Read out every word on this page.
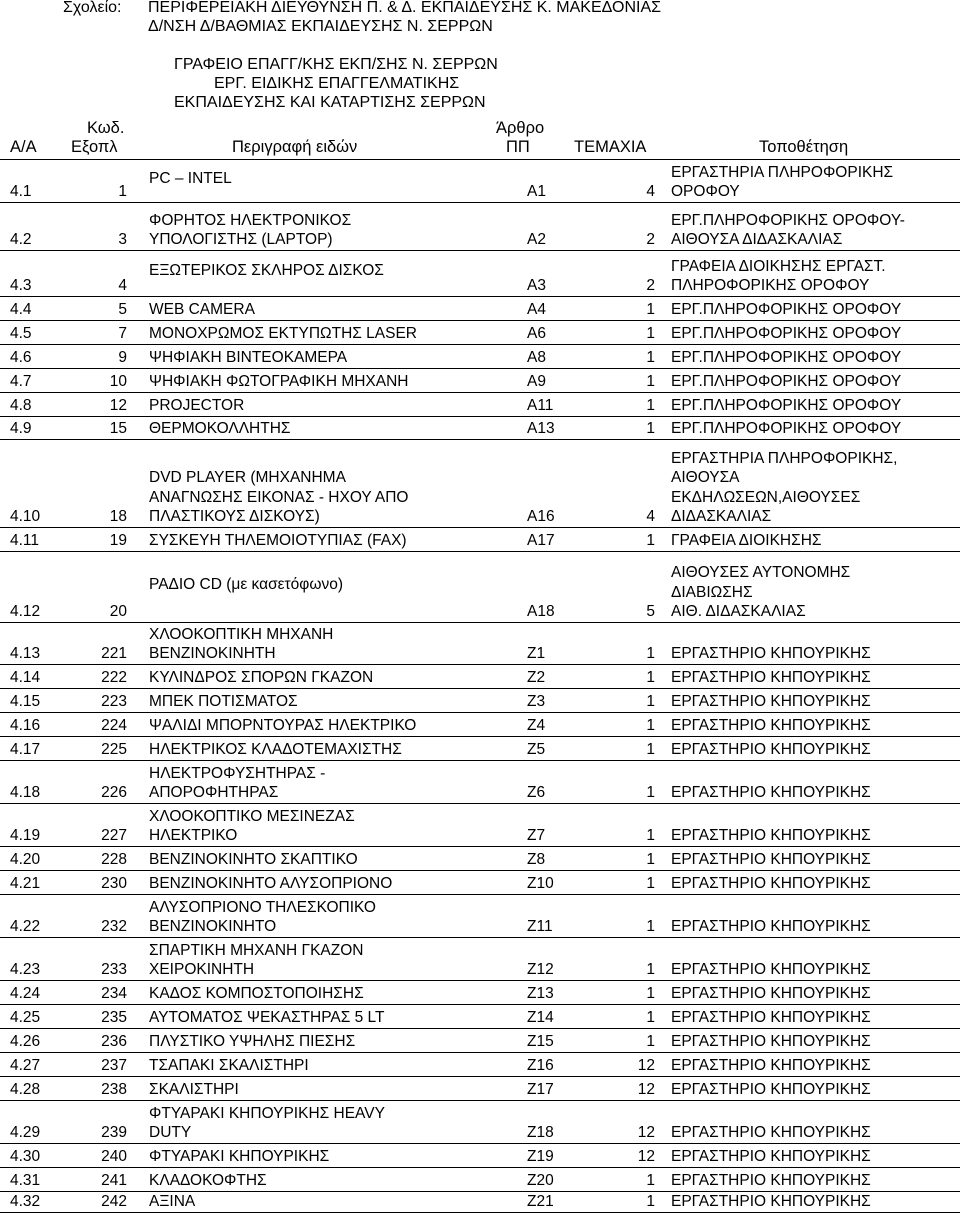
Σχολείο: ΠΕΡΙΦΕΡΕΙΑΚΗ ΔΙΕΥΘΥΝΣΗ Π. & Δ. ΕΚΠΑΙΔΕΥΣΗΣ Κ. ΜΑΚΕΔΟΝΙΑΣ
Δ/ΝΣΗ Δ/ΒΑΘΜΙΑΣ ΕΚΠΑΙΔΕΥΣΗΣ Ν. ΣΕΡΡΩΝ
ΓΡΑΦΕΙΟ ΕΠΑΓΓ/ΚΗΣ ΕΚΠ/ΣΗΣ Ν. ΣΕΡΡΩΝ
ΕΡΓ. ΕΙΔΙΚΗΣ ΕΠΑΓΓΕΛΜΑΤΙΚΗΣ
ΕΚΠΑΙΔΕΥΣΗΣ ΚΑΙ ΚΑΤΑΡΤΙΣΗΣ ΣΕΡΡΩΝ
Α/Α
Κωδ.
Εξοπλ	Περιγραφή ειδών
Άρθρο
ΠΠ	ΤΕΜΑΧΙΑ	Τοποθέτηση
4.1	1
PC – INTEL
Α1	4
ΕΡΓΑΣΤΗΡΙΑ ΠΛΗΡΟΦΟΡΙΚΗΣ
ΟΡΟΦΟΥ
4.2	3
ΦΟΡΗΤΟΣ ΗΛΕΚΤΡΟΝΙΚΟΣ
ΥΠΟΛΟΓΙΣΤΗΣ (LAPTOP)	Α2	2
ΕΡΓ.ΠΛΗΡΟΦΟΡΙΚΗΣ ΟΡΟΦΟΥ-
ΑΙΘΟΥΣΑ ΔΙΔΑΣΚΑΛΙΑΣ
4.3	4
ΕΞΩΤΕΡΙΚΟΣ ΣΚΛΗΡΟΣ ΔΙΣΚΟΣ
Α3	2
ΓΡΑΦΕΙΑ ΔΙΟΙΚΗΣΗΣ ΕΡΓΑΣΤ.
ΠΛΗΡΟΦΟΡΙΚΗΣ ΟΡΟΦΟΥ
4.4	5 WEB CAMERA	Α4	1 ΕΡΓ.ΠΛΗΡΟΦΟΡΙΚΗΣ ΟΡΟΦΟΥ
4.5	7 ΜΟΝΟΧΡΩΜΟΣ ΕΚΤΥΠΩΤΗΣ LASER	Α6	1 ΕΡΓ.ΠΛΗΡΟΦΟΡΙΚΗΣ ΟΡΟΦΟΥ
4.6	9 ΨΗΦΙΑΚΗ ΒΙΝΤΕΟΚΑΜΕΡΑ	Α8	1 ΕΡΓ.ΠΛΗΡΟΦΟΡΙΚΗΣ ΟΡΟΦΟΥ
4.7	10 ΨΗΦΙΑΚΗ ΦΩΤΟΓΡΑΦΙΚΗ ΜΗΧΑΝΗ	Α9	1 ΕΡΓ.ΠΛΗΡΟΦΟΡΙΚΗΣ ΟΡΟΦΟΥ
4.8	12 PROJECTOR	Α11	1 ΕΡΓ.ΠΛΗΡΟΦΟΡΙΚΗΣ ΟΡΟΦΟΥ
4.9	15 ΘΕΡΜΟΚΟΛΛΗΤΗΣ	Α13	1 ΕΡΓ.ΠΛΗΡΟΦΟΡΙΚΗΣ ΟΡΟΦΟΥ
4.10	18
DVD PLAYER (ΜΗΧΑΝΗΜΑ
ΑΝΑΓΝΩΣΗΣ ΕΙΚΟΝΑΣ - ΗΧΟΥ ΑΠΟ
ΠΛΑΣΤΙΚΟΥΣ ΔΙΣΚΟΥΣ)	Α16	4
ΕΡΓΑΣΤΗΡΙΑ ΠΛΗΡΟΦΟΡΙΚΗΣ,
ΑΙΘΟΥΣΑ
ΕΚΔΗΛΩΣΕΩΝ,ΑΙΘΟΥΣΕΣ
ΔΙΔΑΣΚΑΛΙΑΣ
4.11	19 ΣΥΣΚΕΥΗ ΤΗΛΕΜΟΙΟΤΥΠΙΑΣ (FAX)	Α17	1 ΓΡΑΦΕΙΑ ΔΙΟΙΚΗΣΗΣ
4.12	20
ΡΑΔΙΟ CD (με κασετόφωνο)
Α18	5
ΑΙΘΟΥΣΕΣ ΑΥΤΟΝΟΜΗΣ
ΔΙΑΒΙΩΣΗΣ
ΑΙΘ. ΔΙΔΑΣΚΑΛΙΑΣ
4.13	221
ΧΛΟΟΚΟΠΤΙΚΗ ΜΗΧΑΝΗ
ΒΕΝΖΙΝΟΚΙΝΗΤΗ	Ζ1	1 ΕΡΓΑΣΤΗΡΙΟ ΚΗΠΟΥΡΙΚΗΣ
4.14	222 ΚΥΛΙΝΔΡΟΣ ΣΠΟΡΩΝ ΓΚΑΖΟΝ	Ζ2	1 ΕΡΓΑΣΤΗΡΙΟ ΚΗΠΟΥΡΙΚΗΣ
4.15	223 ΜΠΕΚ ΠΟΤΙΣΜΑΤΟΣ	Ζ3	1 ΕΡΓΑΣΤΗΡΙΟ ΚΗΠΟΥΡΙΚΗΣ
4.16	224 ΨΑΛΙΔΙ ΜΠΟΡΝΤΟΥΡΑΣ ΗΛΕΚΤΡΙΚΟ	Ζ4	1 ΕΡΓΑΣΤΗΡΙΟ ΚΗΠΟΥΡΙΚΗΣ
4.17	225 ΗΛΕΚΤΡΙΚΟΣ ΚΛΑΔΟΤΕΜΑΧΙΣΤΗΣ	Ζ5	1 ΕΡΓΑΣΤΗΡΙΟ ΚΗΠΟΥΡΙΚΗΣ
4.18	226
ΗΛΕΚΤΡΟΦΥΣΗΤΗΡΑΣ -
ΑΠΟΡΟΦΗΤΗΡΑΣ	Ζ6	1 ΕΡΓΑΣΤΗΡΙΟ ΚΗΠΟΥΡΙΚΗΣ
4.19	227
ΧΛΟΟΚΟΠΤΙΚΟ ΜΕΣΙΝΕΖΑΣ
ΗΛΕΚΤΡΙΚΟ	Ζ7	1 ΕΡΓΑΣΤΗΡΙΟ ΚΗΠΟΥΡΙΚΗΣ
4.20	228 ΒΕΝΖΙΝΟΚΙΝΗΤΟ ΣΚΑΠΤΙΚΟ	Ζ8	1 ΕΡΓΑΣΤΗΡΙΟ ΚΗΠΟΥΡΙΚΗΣ
4.21	230 ΒΕΝΖΙΝΟΚΙΝΗΤΟ ΑΛΥΣΟΠΡΙΟΝΟ	Ζ10	1 ΕΡΓΑΣΤΗΡΙΟ ΚΗΠΟΥΡΙΚΗΣ
4.22	232
ΑΛΥΣΟΠΡΙΟΝΟ ΤΗΛΕΣΚΟΠΙΚΟ
ΒΕΝΖΙΝΟΚΙΝΗΤΟ	Ζ11	1 ΕΡΓΑΣΤΗΡΙΟ ΚΗΠΟΥΡΙΚΗΣ
4.23	233
ΣΠΑΡΤΙΚΗ ΜΗΧΑΝΗ ΓΚΑΖΟΝ
ΧΕΙΡΟΚΙΝΗΤΗ	Ζ12	1 ΕΡΓΑΣΤΗΡΙΟ ΚΗΠΟΥΡΙΚΗΣ
4.24	234 ΚΑΔΟΣ ΚΟΜΠΟΣΤΟΠΟΙΗΣΗΣ	Ζ13	1 ΕΡΓΑΣΤΗΡΙΟ ΚΗΠΟΥΡΙΚΗΣ
4.25	235 ΑΥΤΟΜΑΤΟΣ ΨΕΚΑΣΤΗΡΑΣ 5 LT	Ζ14	1 ΕΡΓΑΣΤΗΡΙΟ ΚΗΠΟΥΡΙΚΗΣ
4.26	236 ΠΛΥΣΤΙΚΟ ΥΨΗΛΗΣ ΠΙΕΣΗΣ	Ζ15	1 ΕΡΓΑΣΤΗΡΙΟ ΚΗΠΟΥΡΙΚΗΣ
4.27	237 ΤΣΑΠΑΚΙ ΣΚΑΛΙΣΤΗΡΙ	Ζ16	12 ΕΡΓΑΣΤΗΡΙΟ ΚΗΠΟΥΡΙΚΗΣ
4.28	238 ΣΚΑΛΙΣΤΗΡΙ	Ζ17	12 ΕΡΓΑΣΤΗΡΙΟ ΚΗΠΟΥΡΙΚΗΣ
4.29	239
ΦΤΥΑΡΑΚΙ ΚΗΠΟΥΡΙΚΗΣ HEAVY
DUTY	Ζ18	12 ΕΡΓΑΣΤΗΡΙΟ ΚΗΠΟΥΡΙΚΗΣ
4.30	240 ΦΤΥΑΡΑΚΙ ΚΗΠΟΥΡΙΚΗΣ	Ζ19	12 ΕΡΓΑΣΤΗΡΙΟ ΚΗΠΟΥΡΙΚΗΣ
4.31	241 ΚΛΑΔΟΚΟΦΤΗΣ	Ζ20	1 ΕΡΓΑΣΤΗΡΙΟ ΚΗΠΟΥΡΙΚΗΣ
4.32	242 ΑΞΙΝΑ	Ζ21	1 ΕΡΓΑΣΤΗΡΙΟ ΚΗΠΟΥΡΙΚΗΣ
